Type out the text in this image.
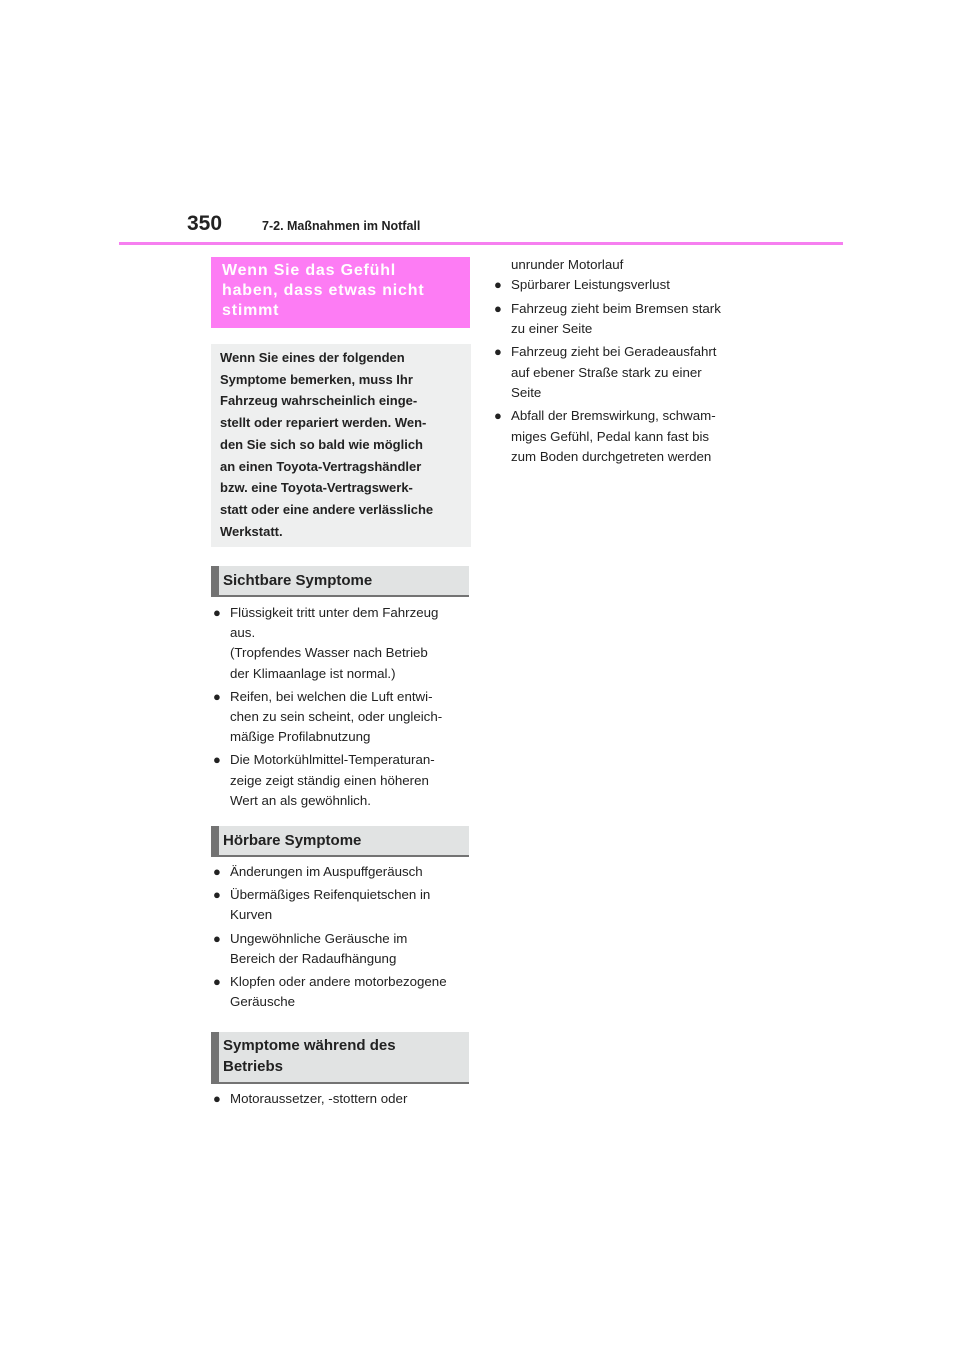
350	7-2. Maßnahmen im Notfall
Wenn Sie das Gefühl
haben, dass etwas nicht
stimmt
Wenn Sie eines der folgenden
Symptome bemerken, muss Ihr
Fahrzeug wahrscheinlich einge-
stellt oder repariert werden. Wen-
den Sie sich so bald wie möglich
an einen Toyota-Vertragshändler
bzw. eine Toyota-Vertragswerk-
statt oder eine andere verlässliche
Werkstatt.
Sichtbare Symptome
● Flüssigkeit tritt unter dem Fahrzeug
aus.
(Tropfendes Wasser nach Betrieb
der Klimaanlage ist normal.)
● Reifen, bei welchen die Luft entwi-
chen zu sein scheint, oder ungleich-
mäßige Profilabnutzung
● Die Motorkühlmittel-Temperaturan-
zeige zeigt ständig einen höheren
Wert an als gewöhnlich.
Hörbare Symptome
● Änderungen im Auspuffgeräusch
● Übermäßiges Reifenquietschen in
Kurven
● Ungewöhnliche Geräusche im
Bereich der Radaufhängung
● Klopfen oder andere motorbezogene
Geräusche
Symptome während des
Betriebs
● Motoraussetzer, -stottern oder
unrunder Motorlauf
● Spürbarer Leistungsverlust
● Fahrzeug zieht beim Bremsen stark
zu einer Seite
● Fahrzeug zieht bei Geradeausfahrt
auf ebener Straße stark zu einer
Seite
● Abfall der Bremswirkung, schwam-
miges Gefühl, Pedal kann fast bis
zum Boden durchgetreten werden
